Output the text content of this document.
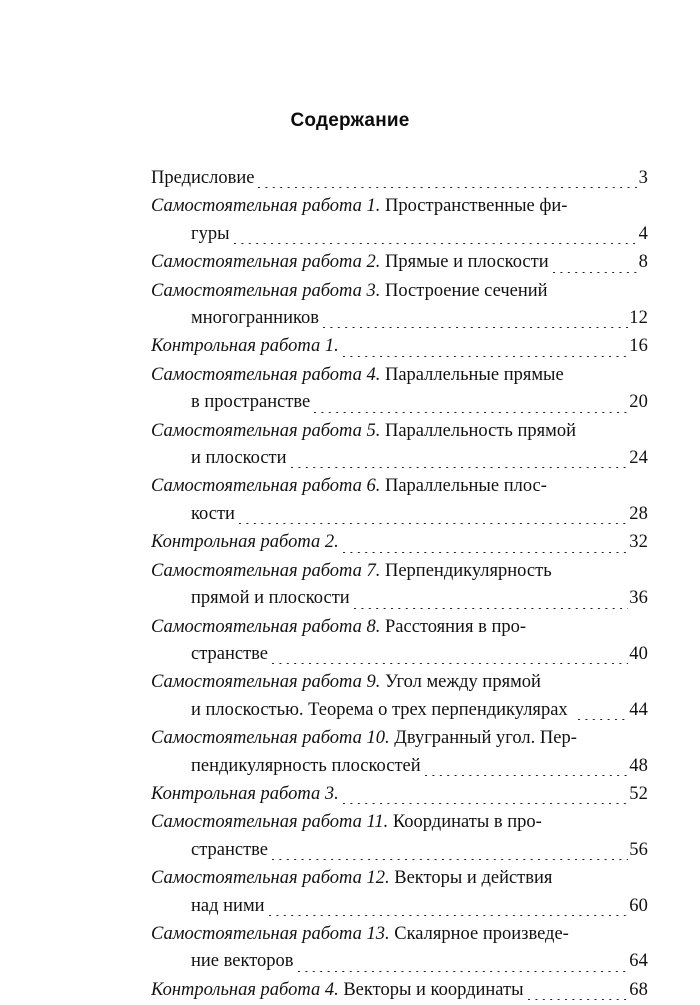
Содержание
Предисловие	3
Самостоятельная работа 1. Пространственные фи-
гуры	4
Самостоятельная работа 2. Прямые и плоскости	8
Самостоятельная работа 3. Построение сечений
многогранников	12
Контрольная работа 1.	16
Самостоятельная работа 4. Параллельные прямые
в пространстве	20
Самостоятельная работа 5. Параллельность прямой
и плоскости	24
Самостоятельная работа 6. Параллельные плос-
кости	28
Контрольная работа 2.	32
Самостоятельная работа 7. Перпендикулярность
прямой и плоскости	36
Самостоятельная работа 8. Расстояния в про-
странстве	40
Самостоятельная работа 9. Угол между прямой
и плоскостью. Теорема о трех перпендикулярах	44
Самостоятельная работа 10. Двугранный угол. Пер-
пендикулярность плоскостей	48
Контрольная работа 3.	52
Самостоятельная работа 11. Координаты в про-
странстве	56
Самостоятельная работа 12. Векторы и действия
над ними	60
Самостоятельная работа 13. Скалярное произведе-
ние векторов	64
Контрольная работа 4. Векторы и координаты	68
